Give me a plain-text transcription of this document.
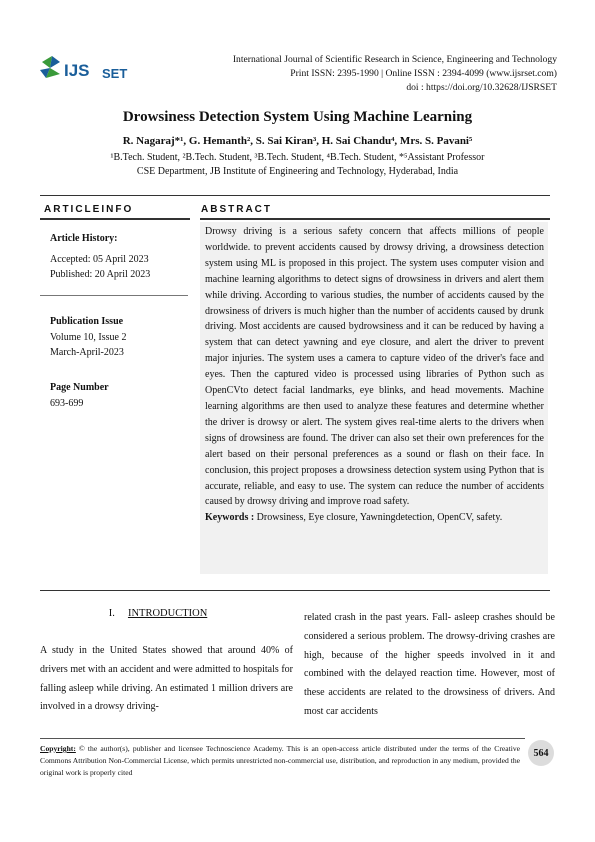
IJS SET
International Journal of Scientific Research in Science, Engineering and Technology
Print ISSN: 2395-1990 | Online ISSN : 2394-4099 (www.ijsrset.com)
doi : https://doi.org/10.32628/IJSRSET
Drowsiness Detection System Using Machine Learning
R. Nagaraj*¹, G. Hemanth², S. Sai Kiran³, H. Sai Chandu⁴, Mrs. S. Pavani⁵
¹B.Tech. Student, ²B.Tech. Student, ³B.Tech. Student, ⁴B.Tech. Student, *⁵Assistant Professor
CSE Department, JB Institute of Engineering and Technology, Hyderabad, India
ARTICLEINFO	ABSTRACT
Article History:
Accepted: 05 April 2023
Published: 20 April 2023
Publication Issue
Volume 10, Issue 2
March-April-2023
Page Number
693-699
Drowsy driving is a serious safety concern that affects millions of people worldwide. to prevent accidents caused by drowsy driving, a drowsiness detection system using ML is proposed in this project. The system uses computer vision and machine learning algorithms to detect signs of drowsiness in drivers and alert them while driving. According to various studies, the number of accidents caused by the drowsiness of drivers is much higher than the number of accidents caused by drunk driving. Most accidents are caused bydrowsiness and it can be reduced by having a system that can detect yawning and eye closure, and alert the driver to prevent major injuries. The system uses a camera to capture video of the driver's face and eyes. Then the captured video is processed using libraries of Python such as OpenCVto detect facial landmarks, eye blinks, and head movements. Machine learning algorithms are then used to analyze these features and determine whether the driver is drowsy or alert. The system gives real-time alerts to the drivers when signs of drowsiness are found. The driver can also set their own preferences for the alert based on their personal preferences as a sound or flash on their face. In conclusion, this project proposes a drowsiness detection system using Python that is accurate, reliable, and easy to use. The system can reduce the number of accidents caused by drowsy driving and improve road safety.
Keywords : Drowsiness, Eye closure, Yawningdetection, OpenCV, safety.
I. INTRODUCTION
A study in the United States showed that around 40% of drivers met with an accident and were admitted to hospitals for falling asleep while driving. An estimated 1 million drivers are involved in a drowsy driving-
related crash in the past years. Fall- asleep crashes should be considered a serious problem. The drowsy-driving crashes are high, because of the higher speeds involved in it and combined with the delayed reaction time. However, most of these accidents are related to the drowsiness of drivers. And most car accidents
Copyright: © the author(s), publisher and licensee Technoscience Academy. This is an open-access article distributed under the terms of the Creative Commons Attribution Non-Commercial License, which permits unrestricted non-commercial use, distribution, and reproduction in any medium, provided the original work is properly cited
564
